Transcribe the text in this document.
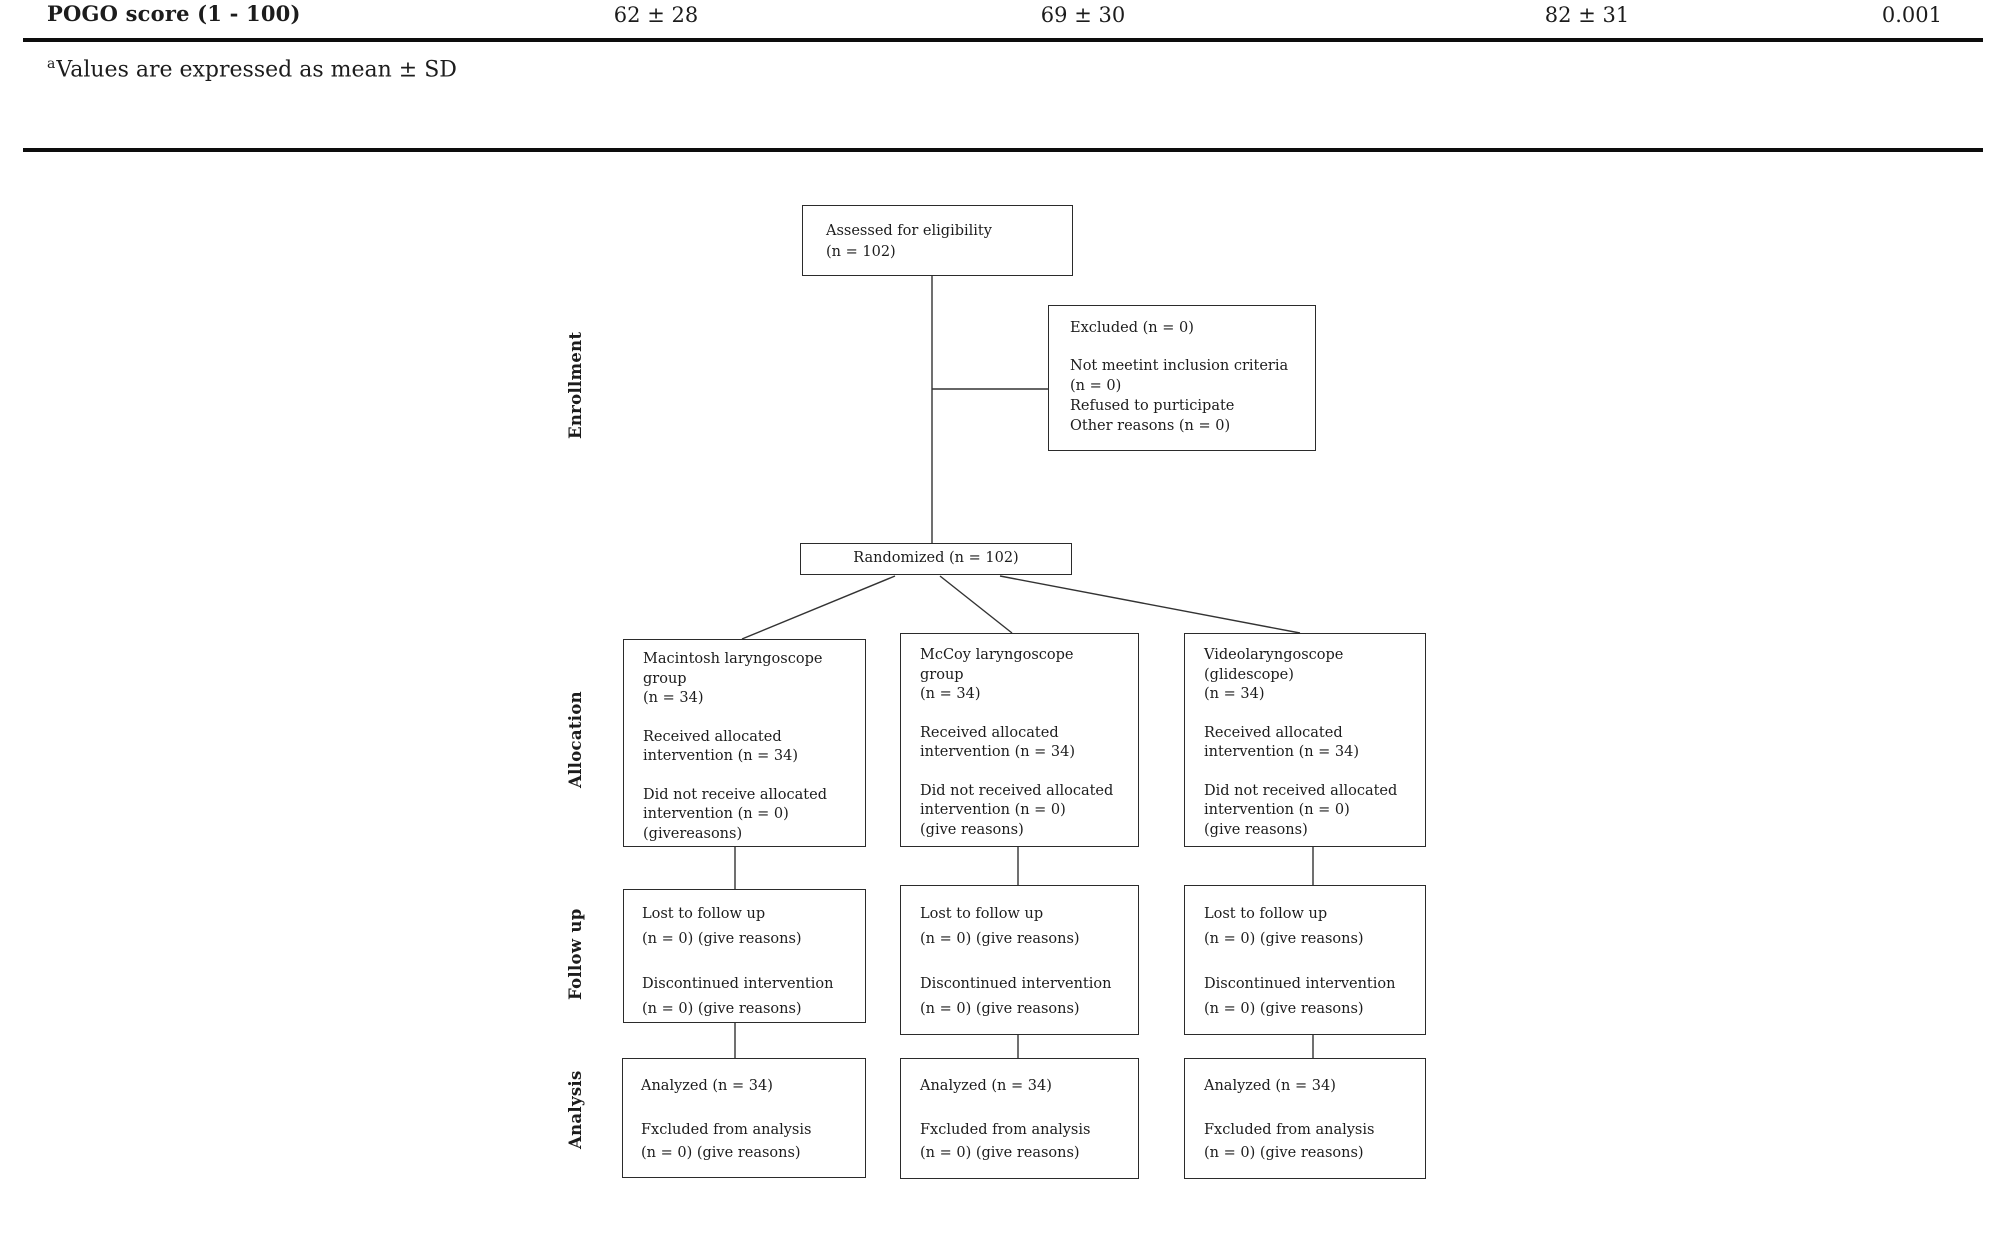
POGO score (1 - 100)	62 ± 28	69 ± 30	82 ± 31	0.001
$^a$Values are expressed as mean ± SD
Enrollment
Allocation
Follow up
Analysis

Assessed for eligibility
(n = 102)

Excluded (n = 0)

Not meetint inclusion criteria
(n = 0)
Refused to purticipate
Other reasons (n = 0)

Randomized (n = 102)

Macintosh laryngoscope
group
(n = 34)

Received allocated
intervention (n = 34)

Did not receive allocated
intervention (n = 0)
(givereasons)

McCoy laryngoscope
group
(n = 34)

Received allocated
intervention (n = 34)

Did not received allocated
intervention (n = 0)
(give reasons)

Videolaryngoscope
(glidescope)
(n = 34)

Received allocated
intervention (n = 34)

Did not received allocated
intervention (n = 0)
(give reasons)

Lost to follow up
(n = 0) (give reasons)

Discontinued intervention
(n = 0) (give reasons)

Lost to follow up
(n = 0) (give reasons)

Discontinued intervention
(n = 0) (give reasons)

Lost to follow up
(n = 0) (give reasons)

Discontinued intervention
(n = 0) (give reasons)

Analyzed (n = 34)

Fxcluded from analysis
(n = 0) (give reasons)

Analyzed (n = 34)

Fxcluded from analysis
(n = 0) (give reasons)

Analyzed (n = 34)

Fxcluded from analysis
(n = 0) (give reasons)
